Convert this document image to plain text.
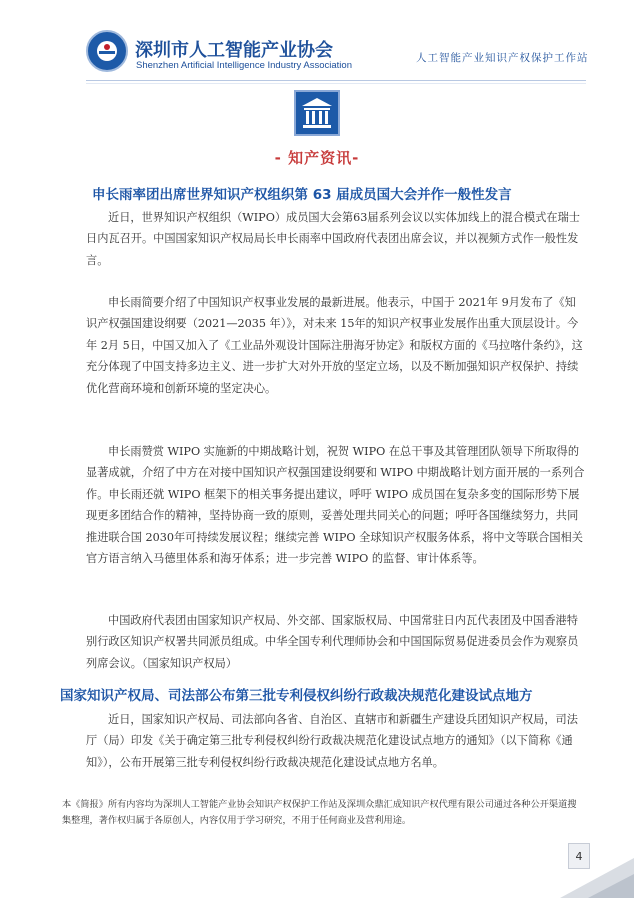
深圳市人工智能产业协会
Shenzhen Artificial Intelligence Industry Association
人工智能产业知识产权保护工作站
- 知产资讯-
申长雨率团出席世界知识产权组织第 63 届成员国大会并作一般性发言

近日，世界知识产权组织（WIPO）成员国大会第63届系列会议以实体加线上的混合模式在瑞士日内瓦召开。中国国家知识产权局局长申长雨率中国政府代表团出席会议，并以视频方式作一般性发言。

申长雨简要介绍了中国知识产权事业发展的最新进展。他表示，中国于 2021年 9月发布了《知识产权强国建设纲要（2021—2035 年）》，对未来 15年的知识产权事业发展作出重大顶层设计。今年 2月 5日，中国又加入了《工业品外观设计国际注册海牙协定》和版权方面的《马拉喀什条约》，这充分体现了中国支持多边主义、进一步扩大对外开放的坚定立场，以及不断加强知识产权保护、持续优化营商环境和创新环境的坚定决心。

申长雨赞赏 WIPO 实施新的中期战略计划，祝贺 WIPO 在总干事及其管理团队领导下所取得的显著成就，介绍了中方在对接中国知识产权强国建设纲要和 WIPO 中期战略计划方面开展的一系列合作。申长雨还就 WIPO 框架下的相关事务提出建议，呼吁 WIPO 成员国在复杂多变的国际形势下展现更多团结合作的精神，坚持协商一致的原则，妥善处理共同关心的问题；呼吁各国继续努力，共同推进联合国 2030年可持续发展议程；继续完善 WIPO 全球知识产权服务体系，将中文等联合国相关官方语言纳入马德里体系和海牙体系；进一步完善 WIPO 的监督、审计体系等。

中国政府代表团由国家知识产权局、外交部、国家版权局、中国常驻日内瓦代表团及中国香港特别行政区知识产权署共同派员组成。中华全国专利代理师协会和中国国际贸易促进委员会作为观察员列席会议。（国家知识产权局）

国家知识产权局、司法部公布第三批专利侵权纠纷行政裁决规范化建设试点地方

近日，国家知识产权局、司法部向各省、自治区、直辖市和新疆生产建设兵团知识产权局，司法厅（局）印发《关于确定第三批专利侵权纠纷行政裁决规范化建设试点地方的通知》（以下简称《通知》），公布开展第三批专利侵权纠纷行政裁决规范化建设试点地方名单。

本《简报》所有内容均为深圳人工智能产业协会知识产权保护工作站及深圳众鼎汇成知识产权代理有限公司通过各种公开渠道搜集整理，著作权归属于各原创人，内容仅用于学习研究，不用于任何商业及营利用途。
4
